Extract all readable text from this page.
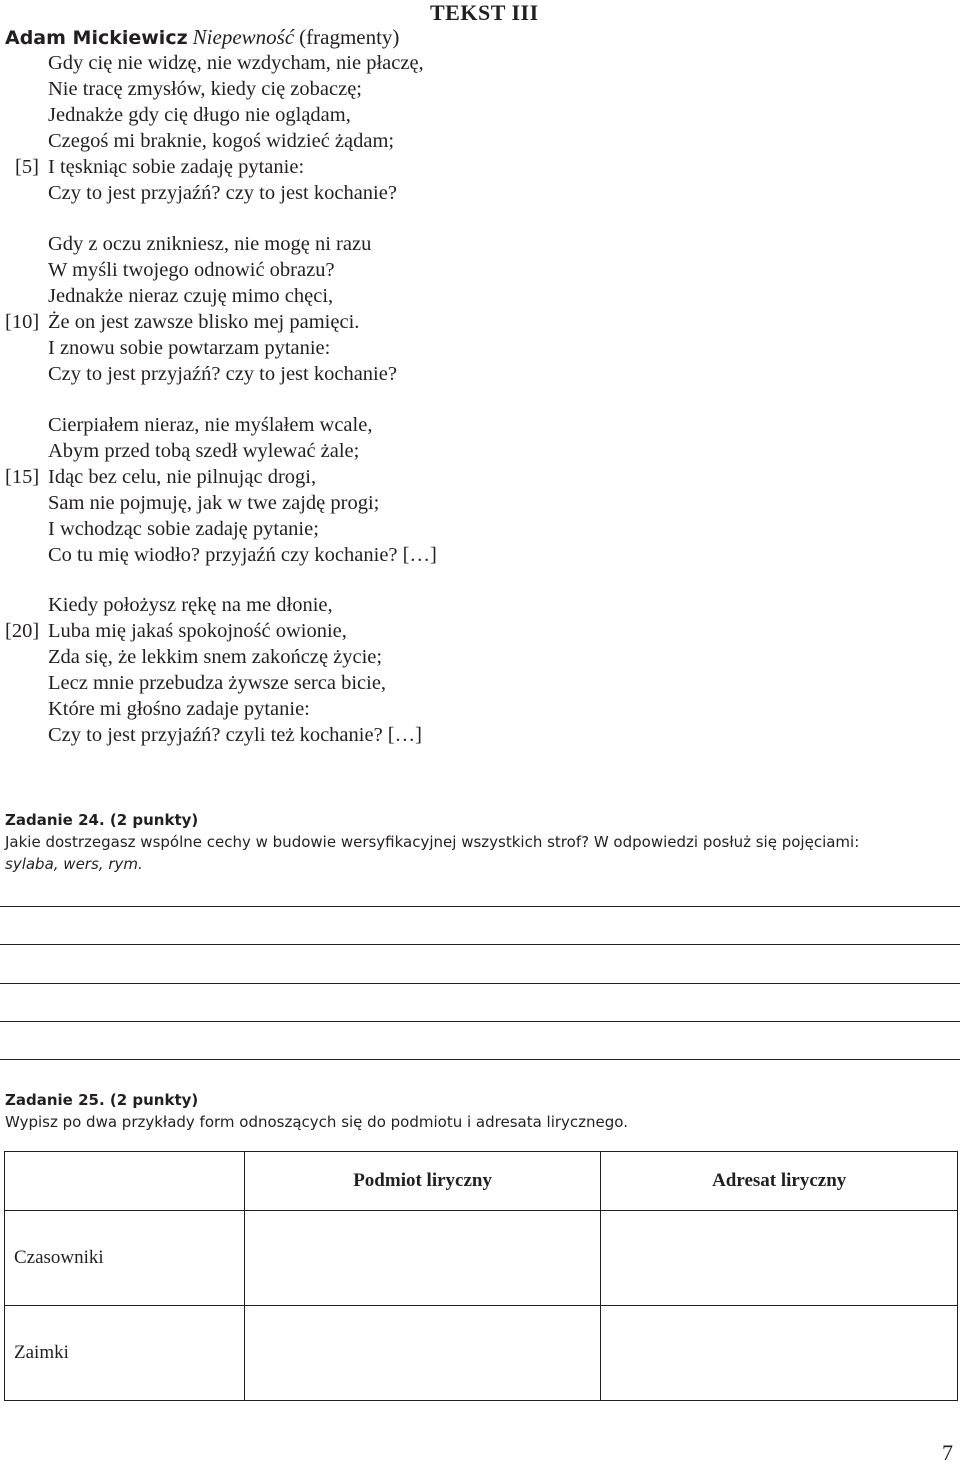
TEKST III
Adam Mickiewicz Niepewność (fragmenty)
Gdy cię nie widzę, nie wzdycham, nie płaczę,
Nie tracę zmysłów, kiedy cię zobaczę;
Jednakże gdy cię długo nie oglądam,
Czegoś mi braknie, kogoś widzieć żądam;
[5] I tęskniąc sobie zadaję pytanie:
Czy to jest przyjaźń? czy to jest kochanie?
Gdy z oczu znikniesz, nie mogę ni razu
W myśli twojego odnowić obrazu?
Jednakże nieraz czuję mimo chęci,
[10] Że on jest zawsze blisko mej pamięci.
I znowu sobie powtarzam pytanie:
Czy to jest przyjaźń? czy to jest kochanie?
Cierpiałem nieraz, nie myślałem wcale,
Abym przed tobą szedł wylewać żale;
[15] Idąc bez celu, nie pilnując drogi,
Sam nie pojmuję, jak w twe zajdę progi;
I wchodząc sobie zadaję pytanie;
Co tu mię wiodło? przyjaźń czy kochanie? […]
Kiedy położysz rękę na me dłonie,
[20] Luba mię jakaś spokojność owionie,
Zda się, że lekkim snem zakończę życie;
Lecz mnie przebudza żywsze serca bicie,
Które mi głośno zadaje pytanie:
Czy to jest przyjaźń? czyli też kochanie? […]
Zadanie 24. (2 punkty)
Jakie dostrzegasz wspólne cechy w budowie wersyfikacyjnej wszystkich strof? W odpowiedzi posłuż się pojęciami:
sylaba, wers, rym.
Zadanie 25. (2 punkty)
Wypisz po dwa przykłady form odnoszących się do podmiotu i adresata lirycznego.
	Podmiot liryczny	Adresat liryczny
Czasowniki		
Zaimki		
7
